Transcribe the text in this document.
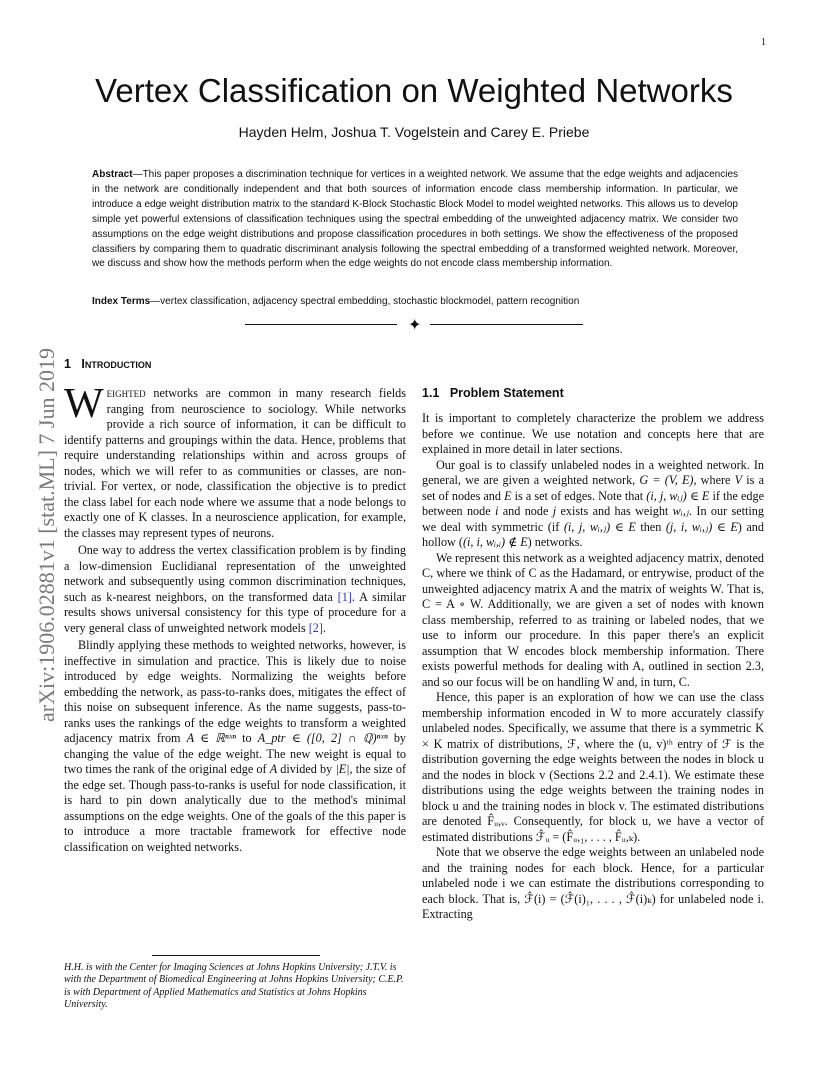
1
arXiv:1906.02881v1 [stat.ML] 7 Jun 2019
Vertex Classification on Weighted Networks
Hayden Helm, Joshua T. Vogelstein and Carey E. Priebe
Abstract—This paper proposes a discrimination technique for vertices in a weighted network. We assume that the edge weights and adjacencies in the network are conditionally independent and that both sources of information encode class membership information. In particular, we introduce a edge weight distribution matrix to the standard K-Block Stochastic Block Model to model weighted networks. This allows us to develop simple yet powerful extensions of classification techniques using the spectral embedding of the unweighted adjacency matrix. We consider two assumptions on the edge weight distributions and propose classification procedures in both settings. We show the effectiveness of the proposed classifiers by comparing them to quadratic discriminant analysis following the spectral embedding of a transformed weighted network. Moreover, we discuss and show how the methods perform when the edge weights do not encode class membership information.
Index Terms—vertex classification, adjacency spectral embedding, stochastic blockmodel, pattern recognition
✦
1 Introduction

Weighted networks are common in many research fields ranging from neuroscience to sociology. While networks provide a rich source of information, it can be difficult to identify patterns and groupings within the data. Hence, problems that require understanding relationships within and across groups of nodes, which we will refer to as communities or classes, are non-trivial. For vertex, or node, classification the objective is to predict the class label for each node where we assume that a node belongs to exactly one of K classes. In a neuroscience application, for example, the classes may represent types of neurons.

One way to address the vertex classification problem is by finding a low-dimension Euclidianal representation of the unweighted network and subsequently using common discrimination techniques, such as k-nearest neighbors, on the transformed data [1]. A similar results shows universal consistency for this type of procedure for a very general class of unweighted network models [2].

Blindly applying these methods to weighted networks, however, is ineffective in simulation and practice. This is likely due to noise introduced by edge weights. Normalizing the weights before embedding the network, as pass-to-ranks does, mitigates the effect of this noise on subsequent inference. As the name suggests, pass-to-ranks uses the rankings of the edge weights to transform a weighted adjacency matrix from A ∈ ℝⁿˣⁿ to A_ptr ∈ ([0, 2] ∩ ℚ)ⁿˣⁿ by changing the value of the edge weight. The new weight is equal to two times the rank of the original edge of A divided by |E|, the size of the edge set. Though pass-to-ranks is useful for node classification, it is hard to pin down analytically due to the method's minimal assumptions on the edge weights. One of the goals of the this paper is to introduce a more tractable framework for effective node classification on weighted networks.

H.H. is with the Center for Imaging Sciences at Johns Hopkins University; J.T.V. is with the Department of Biomedical Engineering at Johns Hopkins University; C.E.P. is with Department of Applied Mathematics and Statistics at Johns Hopkins University.
1.1 Problem Statement

It is important to completely characterize the problem we address before we continue. We use notation and concepts here that are explained in more detail in later sections.

Our goal is to classify unlabeled nodes in a weighted network. In general, we are given a weighted network, G = (V, E), where V is a set of nodes and E is a set of edges. Note that (i, j, wᵢⱼ) ∈ E if the edge between node i and node j exists and has weight wᵢ,ⱼ. In our setting we deal with symmetric (if (i, j, wᵢ,ⱼ) ∈ E then (j, i, wᵢ,ⱼ) ∈ E) and hollow ((i, i, wᵢ,ᵢ) ∉ E) networks.

We represent this network as a weighted adjacency matrix, denoted C, where we think of C as the Hadamard, or entrywise, product of the unweighted adjacency matrix A and the matrix of weights W. That is, C = A ∘ W. Additionally, we are given a set of nodes with known class membership, referred to as training or labeled nodes, that we use to inform our procedure. In this paper there's an explicit assumption that W encodes block membership information. There exists powerful methods for dealing with A, outlined in section 2.3, and so our focus will be on handling W and, in turn, C.

Hence, this paper is an exploration of how we can use the class membership information encoded in W to more accurately classify unlabeled nodes. Specifically, we assume that there is a symmetric K × K matrix of distributions, ℱ, where the (u, v)ᵗʰ entry of ℱ is the distribution governing the edge weights between the nodes in block u and the nodes in block v (Sections 2.2 and 2.4.1). We estimate these distributions using the edge weights between the training nodes in block u and the training nodes in block v. The estimated distributions are denoted F̂ᵤ,ᵥ. Consequently, for block u, we have a vector of estimated distributions ℱ̂ᵤ = (F̂ᵤ,₁, . . . , F̂ᵤ,ₖ).

Note that we observe the edge weights between an unlabeled node and the training nodes for each block. Hence, for a particular unlabeled node i we can estimate the distributions corresponding to each block. That is, ℱ̂(i) = (ℱ̂(i)₁, . . . , ℱ̂(i)ₖ) for unlabeled node i. Extracting
